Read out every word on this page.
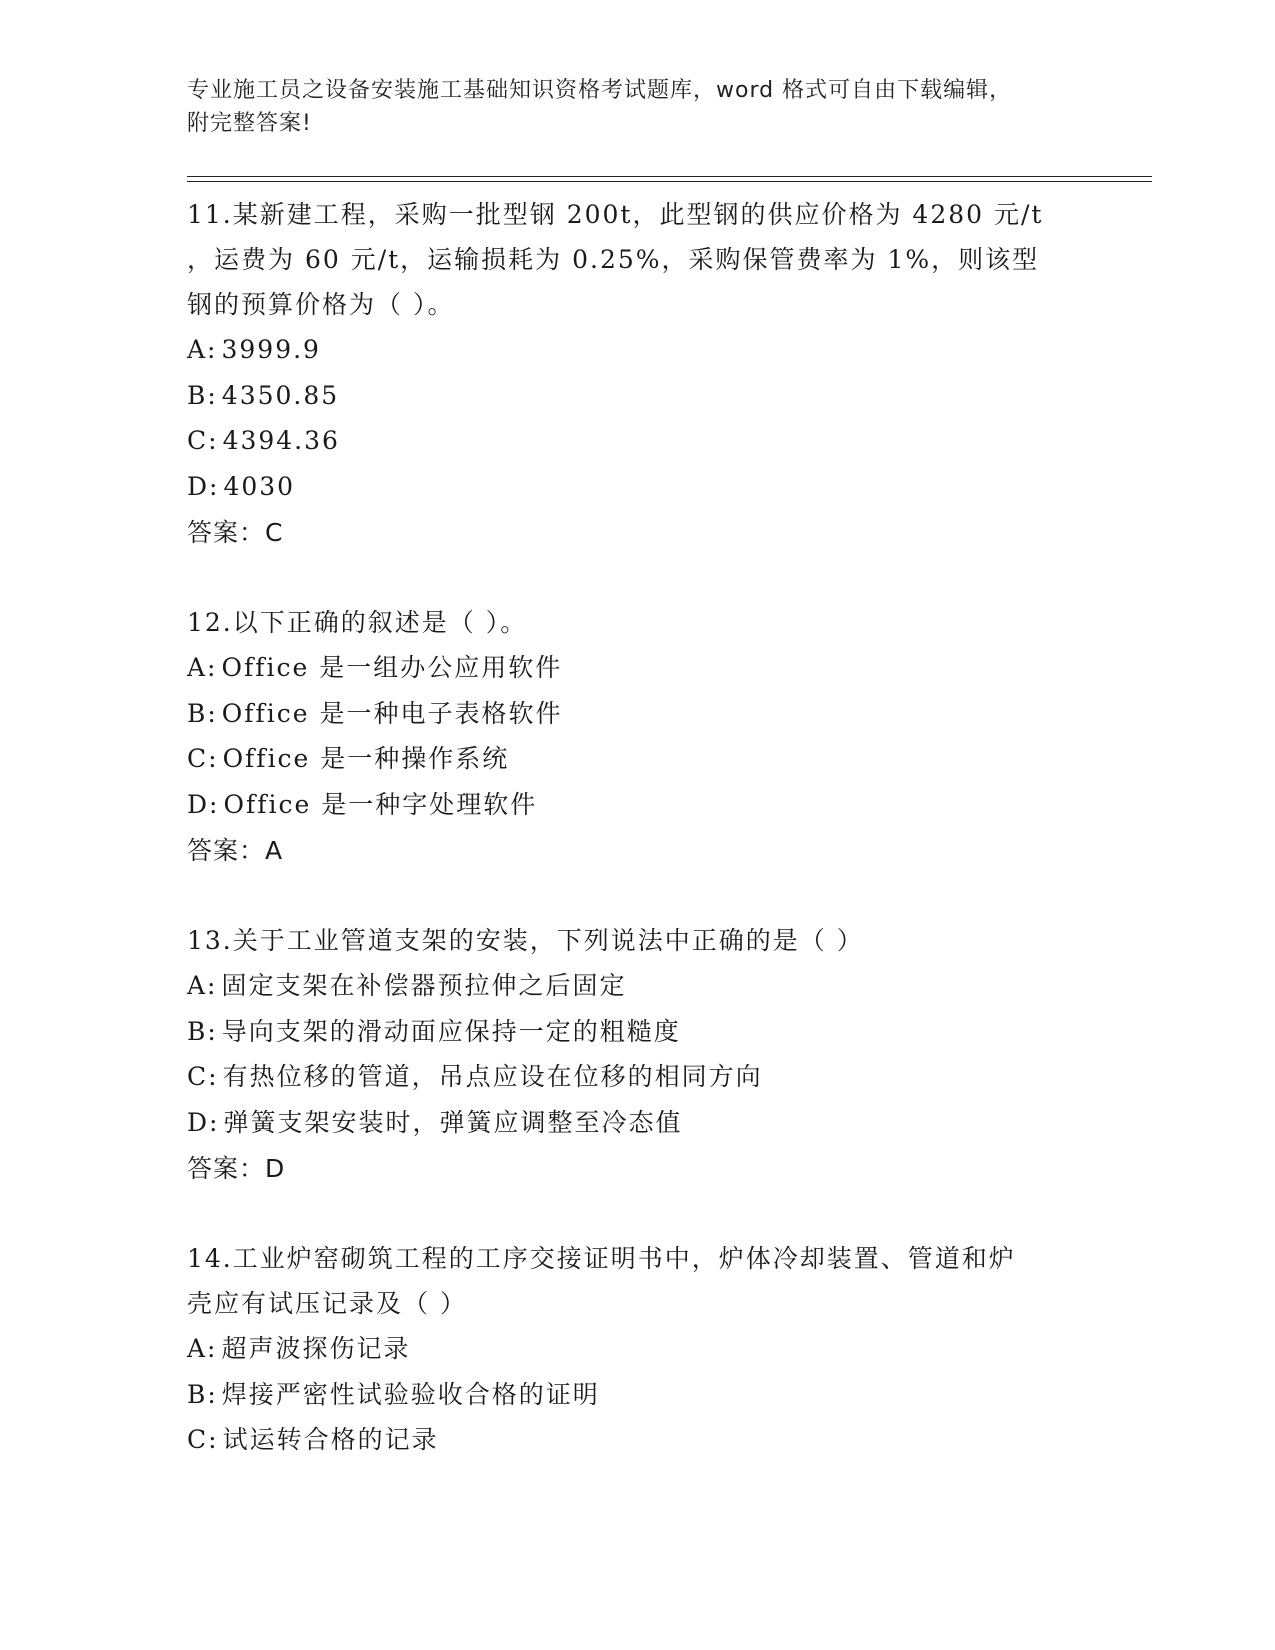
专业施工员之设备安装施工基础知识资格考试题库，word 格式可自由下载编辑，
附完整答案!
11.某新建工程，采购一批型钢 200t，此型钢的供应价格为 4280 元/t
，运费为 60 元/t，运输损耗为 0.25%，采购保管费率为 1%，则该型
钢的预算价格为（ ）。
A: 3999.9
B: 4350.85
C: 4394.36
D: 4030
答案：C
12.以下正确的叙述是（ ）。
A: Office 是一组办公应用软件
B: Office 是一种电子表格软件
C: Office 是一种操作系统
D: Office 是一种字处理软件
答案：A
13.关于工业管道支架的安装，下列说法中正确的是（ ）
A: 固定支架在补偿器预拉伸之后固定
B: 导向支架的滑动面应保持一定的粗糙度
C: 有热位移的管道，吊点应设在位移的相同方向
D: 弹簧支架安装时，弹簧应调整至冷态值
答案：D
14.工业炉窑砌筑工程的工序交接证明书中，炉体冷却装置、管道和炉
壳应有试压记录及（ ）
A: 超声波探伤记录
B: 焊接严密性试验验收合格的证明
C: 试运转合格的记录
